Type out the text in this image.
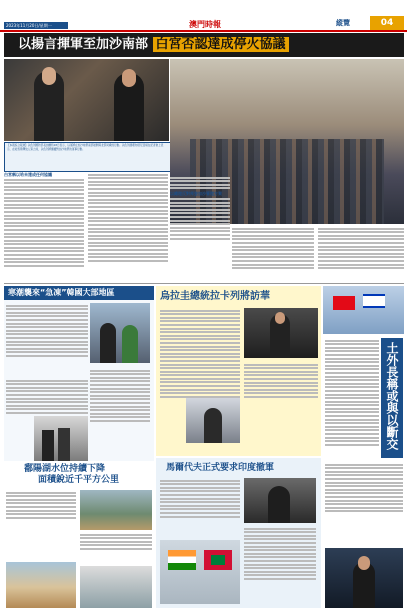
2023年11月20日/星期一	澳門時報	縱覽	04
以揚言揮軍至加沙南部 白宮否認達成停火協議
【本報綜合報道】以色列國防部長加蘭特18日表示，以軍將在加沙地帶南部展開與北部同樣的行動。以色列總理內塔尼亞胡在記者會上表示，在哈馬斯釋放人質之前，以色列將繼續對加沙地帶的軍事行動。
白宮稱以哈未達成任何協議
以總理反對拜登加沙管理方案
寒潮襲來“急凍”韓國大部地區	烏拉圭總統拉卡列將訪華
鄱陽湖水位持續下降
面積銳近千平方公里
馬爾代夫正式要求印度撤軍
土外長稱或與以斷交
